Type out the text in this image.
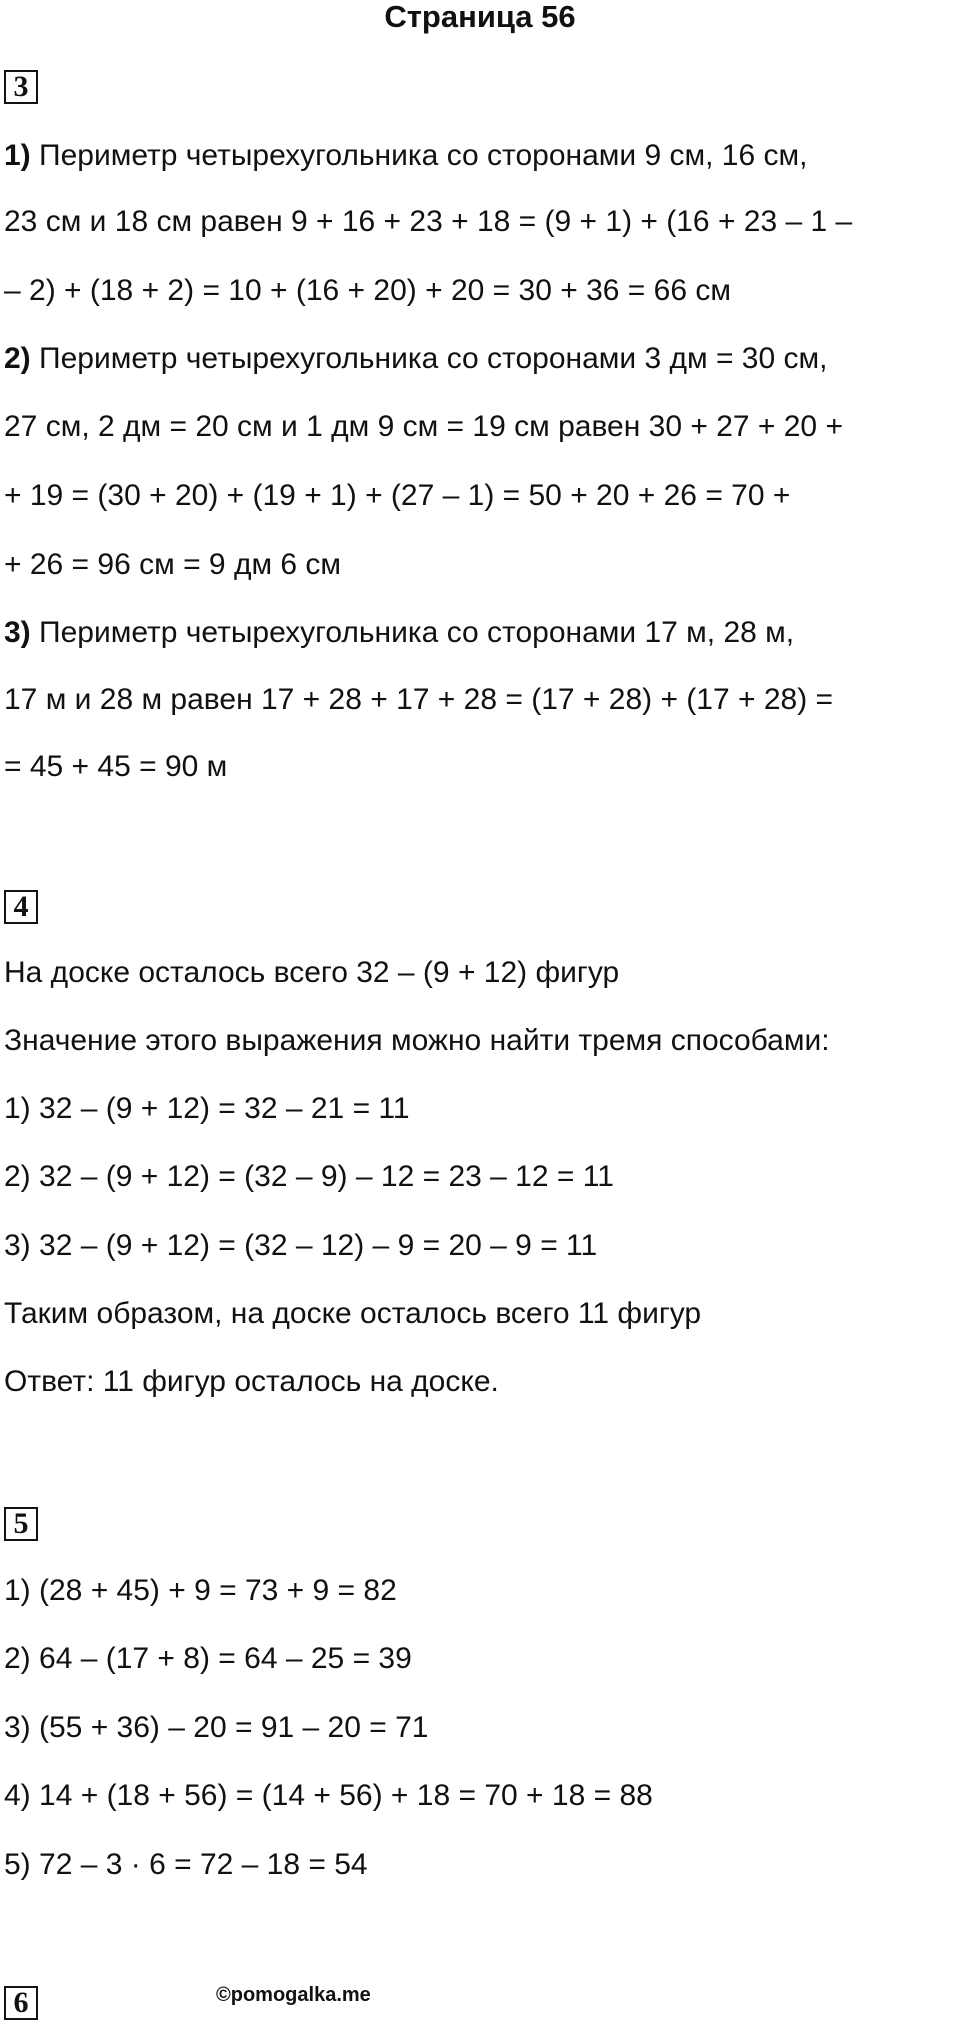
Страница 56
3
1) Периметр четырехугольника со сторонами 9 см, 16 см,
23 см и 18 см равен 9 + 16 + 23 + 18 = (9 + 1) + (16 + 23 – 1 –
– 2) + (18 + 2) = 10 + (16 + 20) + 20 = 30 + 36 = 66 см
2) Периметр четырехугольника со сторонами 3 дм = 30 см,
27 см, 2 дм = 20 см и 1 дм 9 см = 19 см равен 30 + 27 + 20 +
+ 19 = (30 + 20) + (19 + 1) + (27 – 1) = 50 + 20 + 26 = 70 +
+ 26 = 96 см = 9 дм 6 см
3) Периметр четырехугольника со сторонами 17 м, 28 м,
17 м и 28 м равен 17 + 28 + 17 + 28 = (17 + 28) + (17 + 28) =
= 45 + 45 = 90 м
4
На доске осталось всего 32 – (9 + 12) фигур
Значение этого выражения можно найти тремя способами:
1) 32 – (9 + 12) = 32 – 21 = 11
2) 32 – (9 + 12) = (32 – 9) – 12 = 23 – 12 = 11
3) 32 – (9 + 12) = (32 – 12) – 9 = 20 – 9 = 11
Таким образом, на доске осталось всего 11 фигур
Ответ: 11 фигур осталось на доске.
5
1) (28 + 45) + 9 = 73 + 9 = 82
2) 64 – (17 + 8) = 64 – 25 = 39
3) (55 + 36) – 20 = 91 – 20 = 71
4) 14 + (18 + 56) = (14 + 56) + 18 = 70 + 18 = 88
5) 72 – 3 · 6 = 72 – 18 = 54
6	©pomogalka.me
